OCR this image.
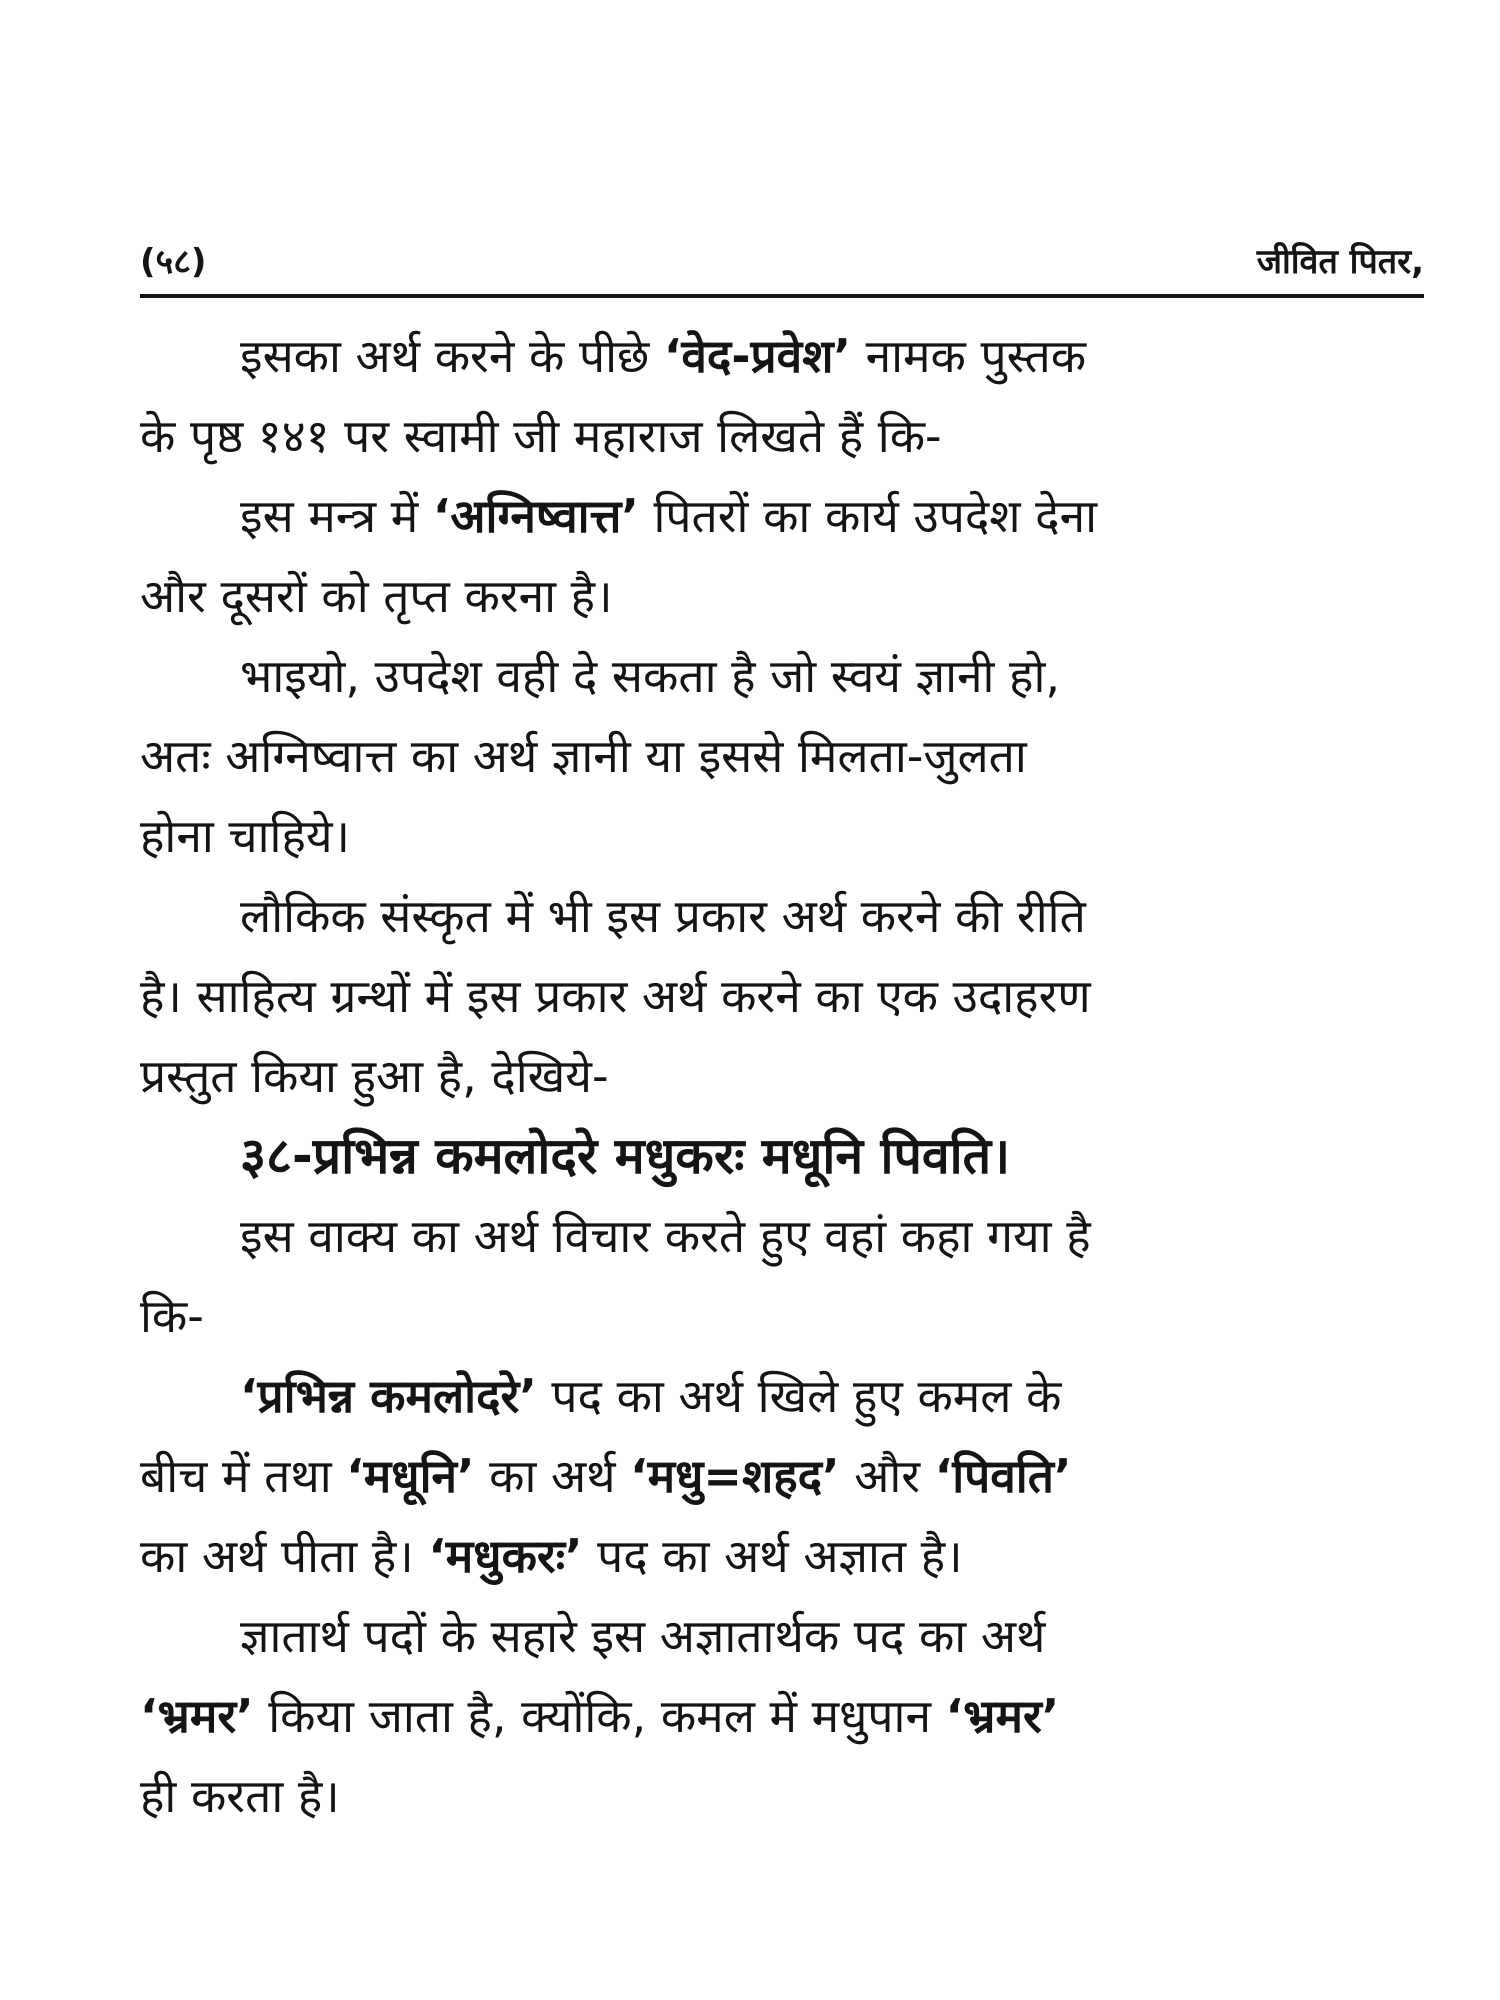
(५८)	जीवित पितर,

इसका अर्थ करने के पीछे ‘वेद-प्रवेश’ नामक पुस्तक
के पृष्ठ १४१ पर स्वामी जी महाराज लिखते हैं कि-

इस मन्त्र में ‘अग्निष्वात्त’ पितरों का कार्य उपदेश देना
और दूसरों को तृप्त करना है।

भाइयो, उपदेश वही दे सकता है जो स्वयं ज्ञानी हो,
अतः अग्निष्वात्त का अर्थ ज्ञानी या इससे मिलता-जुलता
होना चाहिये।

लौकिक संस्कृत में भी इस प्रकार अर्थ करने की रीति
है। साहित्य ग्रन्थों में इस प्रकार अर्थ करने का एक उदाहरण
प्रस्तुत किया हुआ है, देखिये-

३८-प्रभिन्न कमलोदरे मधुकरः मधूनि पिवति।

इस वाक्य का अर्थ विचार करते हुए वहां कहा गया है
कि-

‘प्रभिन्न कमलोदरे’ पद का अर्थ खिले हुए कमल के
बीच में तथा ‘मधूनि’ का अर्थ ‘मधु=शहद’ और ‘पिवति’
का अर्थ पीता है। ‘मधुकरः’ पद का अर्थ अज्ञात है।

ज्ञातार्थ पदों के सहारे इस अज्ञातार्थक पद का अर्थ
‘भ्रमर’ किया जाता है, क्योंकि, कमल में मधुपान ‘भ्रमर’
ही करता है।
